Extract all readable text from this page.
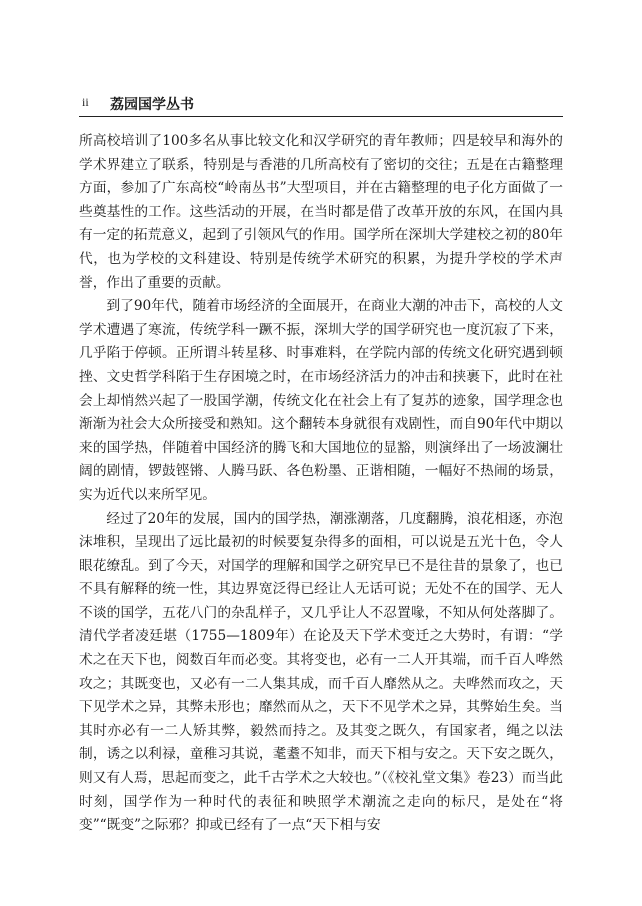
ii 荔园国学丛书

所高校培训了100多名从事比较文化和汉学研究的青年教师；四是较早和海外的学术界建立了联系，特别是与香港的几所高校有了密切的交往；五是在古籍整理方面，参加了广东高校“岭南丛书”大型项目，并在古籍整理的电子化方面做了一些奠基性的工作。这些活动的开展，在当时都是借了改革开放的东风，在国内具有一定的拓荒意义，起到了引领风气的作用。国学所在深圳大学建校之初的80年代，也为学校的文科建设、特别是传统学术研究的积累，为提升学校的学术声誉，作出了重要的贡献。

到了90年代，随着市场经济的全面展开，在商业大潮的冲击下，高校的人文学术遭遇了寒流，传统学科一蹶不振，深圳大学的国学研究也一度沉寂了下来，几乎陷于停顿。正所谓斗转星移、时事难料，在学院内部的传统文化研究遇到顿挫、文史哲学科陷于生存困境之时，在市场经济活力的冲击和挟裹下，此时在社会上却悄然兴起了一股国学潮，传统文化在社会上有了复苏的迹象，国学理念也渐渐为社会大众所接受和熟知。这个翻转本身就很有戏剧性，而自90年代中期以来的国学热，伴随着中国经济的腾飞和大国地位的显豁，则演绎出了一场波澜壮阔的剧情，锣鼓铿锵、人腾马跃、各色粉墨、正谐相随，一幅好不热闹的场景，实为近代以来所罕见。

经过了20年的发展，国内的国学热，潮涨潮落，几度翻腾，浪花相逐，亦泡沫堆积，呈现出了远比最初的时候要复杂得多的面相，可以说是五光十色，令人眼花缭乱。到了今天，对国学的理解和国学之研究早已不是往昔的景象了，也已不具有解释的统一性，其边界宽泛得已经让人无话可说；无处不在的国学、无人不谈的国学，五花八门的杂乱样子，又几乎让人不忍置喙，不知从何处落脚了。清代学者凌廷堪（1755—1809年）在论及天下学术变迁之大势时，有谓：“学术之在天下也，阅数百年而必变。其将变也，必有一二人开其端，而千百人哗然攻之；其既变也，又必有一二人集其成，而千百人靡然从之。夫哗然而攻之，天下见学术之异，其弊未形也；靡然而从之，天下不见学术之异，其弊始生矣。当其时亦必有一二人矫其弊，毅然而持之。及其变之既久，有国家者，绳之以法制，诱之以利禄，童稚习其说，耄耋不知非，而天下相与安之。天下安之既久，则又有人焉，思起而变之，此千古学术之大较也。”（《校礼堂文集》卷23）而当此时刻，国学作为一种时代的表征和映照学术潮流之走向的标尺，是处在“将变”“既变”之际邪？抑或已经有了一点“天下相与安
